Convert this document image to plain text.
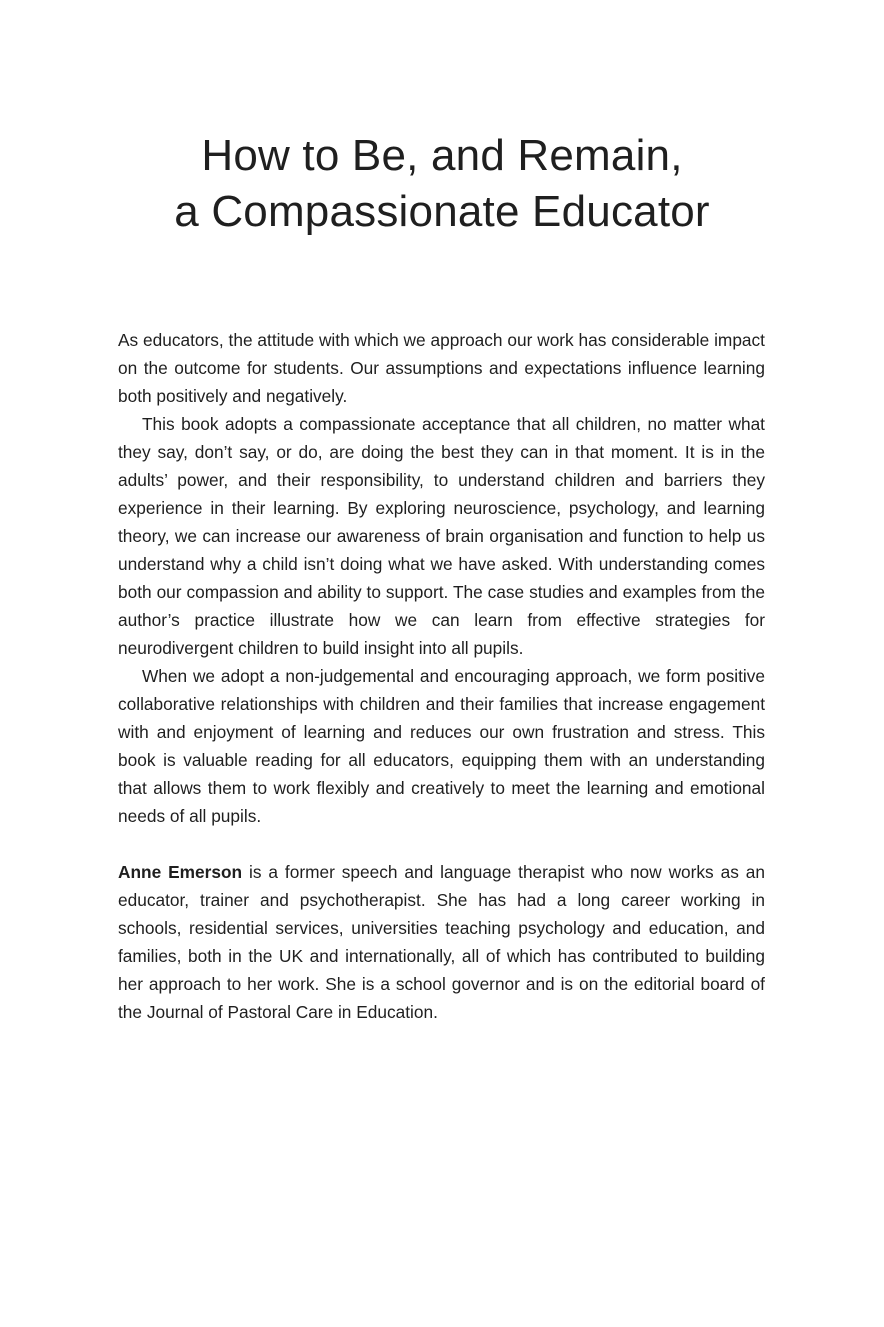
How to Be, and Remain,
a Compassionate Educator

As educators, the attitude with which we approach our work has considerable impact on the outcome for students. Our assumptions and expectations influence learning both positively and negatively.

This book adopts a compassionate acceptance that all children, no matter what they say, don’t say, or do, are doing the best they can in that moment. It is in the adults’ power, and their responsibility, to understand children and barriers they experience in their learning. By exploring neuroscience, psychology, and learning theory, we can increase our awareness of brain organisation and function to help us understand why a child isn’t doing what we have asked. With understanding comes both our compassion and ability to support. The case studies and examples from the author’s practice illustrate how we can learn from effective strategies for neurodivergent children to build insight into all pupils.

When we adopt a non-judgemental and encouraging approach, we form positive collaborative relationships with children and their families that increase engagement with and enjoyment of learning and reduces our own frustration and stress. This book is valuable reading for all educators, equipping them with an understanding that allows them to work flexibly and creatively to meet the learning and emotional needs of all pupils.

Anne Emerson is a former speech and language therapist who now works as an educator, trainer and psychotherapist. She has had a long career working in schools, residential services, universities teaching psychology and education, and families, both in the UK and internationally, all of which has contributed to building her approach to her work. She is a school governor and is on the editorial board of the Journal of Pastoral Care in Education.
